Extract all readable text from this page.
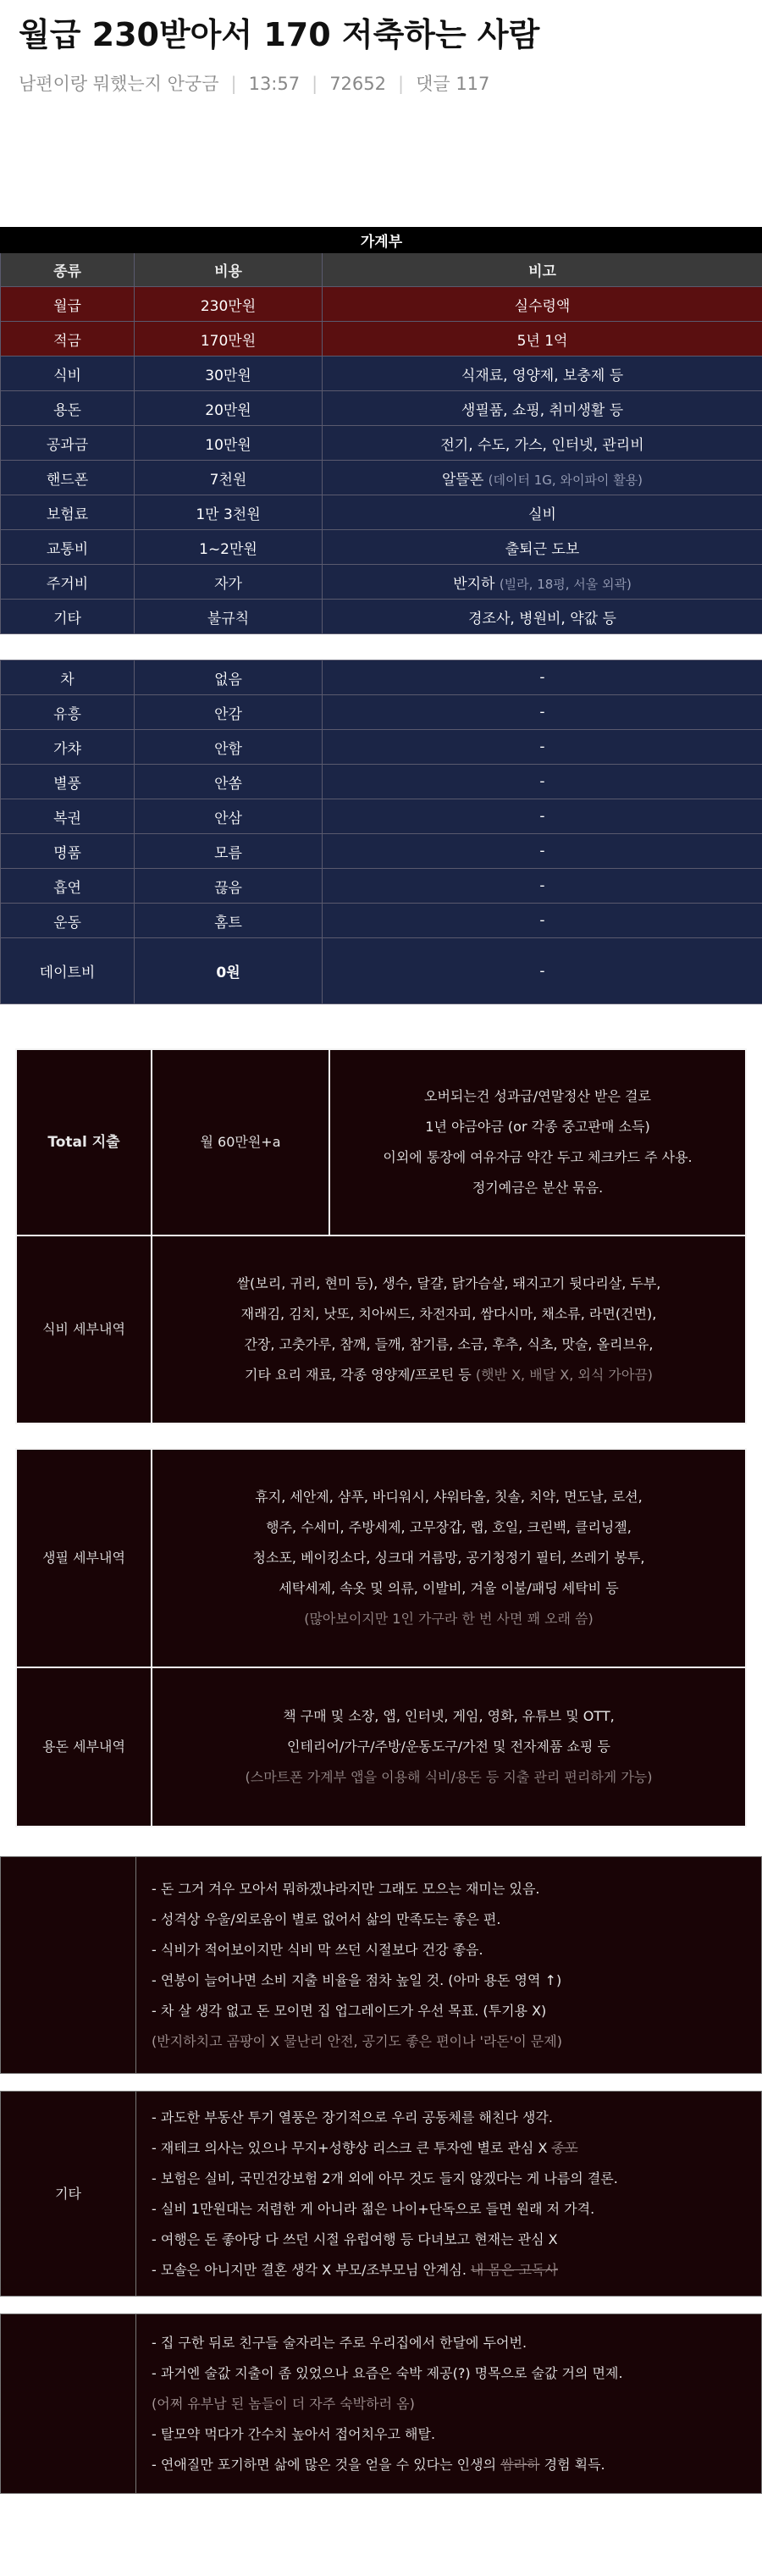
월급 230받아서 170 저축하는 사람
남편이랑 뭐했는지 안궁금 | 13:57 | 72652 | 댓글 117
가계부		
종류	비용	비고
월급	230만원	실수령액
적금	170만원	5년 1억
식비	30만원	식재료, 영양제, 보충제 등
용돈	20만원	생필품, 쇼핑, 취미생활 등
공과금	10만원	전기, 수도, 가스, 인터넷, 관리비
핸드폰	7천원	알뜰폰 (데이터 1G, 와이파이 활용)
보험료	1만 3천원	실비
교통비	1~2만원	출퇴근 도보
주거비	자가	반지하 (빌라, 18평, 서울 외곽)
기타	불규칙	경조사, 병원비, 약값 등
차	없음	-
유흥	안감	-
가챠	안함	-
별풍	안쏨	-
복권	안삼	-
명품	모름	-
흡연	끊음	-
운동	홈트	-
데이트비	0원	-
Total 지출	월 60만원+a	오버되는건 성과급/연말정산 받은 걸로
1년 야금야금 (or 각종 중고판매 소득)
이외에 통장에 여유자금 약간 두고 체크카드 주 사용.
정기예금은 분산 묶음.

식비 세부내역	쌀(보리, 귀리, 현미 등), 생수, 달걀, 닭가슴살, 돼지고기 뒷다리살, 두부,
재래김, 김치, 낫또, 치아씨드, 차전자피, 쌈다시마, 채소류, 라면(건면),
간장, 고춧가루, 참깨, 들깨, 참기름, 소금, 후추, 식초, 맛술, 올리브유,
기타 요리 재료, 각종 영양제/프로틴 등 (햇반 X, 배달 X, 외식 가아끔)	
생필 세부내역	휴지, 세안제, 샴푸, 바디워시, 샤워타올, 칫솔, 치약, 면도날, 로션,
행주, 수세미, 주방세제, 고무장갑, 랩, 호일, 크린백, 클리닝젤,
청소포, 베이킹소다, 싱크대 거름망, 공기청정기 필터, 쓰레기 봉투,
세탁세제, 속옷 및 의류, 이발비, 겨울 이불/패딩 세탁비 등
(많아보이지만 1인 가구라 한 번 사면 꽤 오래 씀)

용돈 세부내역	책 구매 및 소장, 앱, 인터넷, 게임, 영화, 유튜브 및 OTT,
인테리어/가구/주방/운동도구/가전 및 전자제품 쇼핑 등
(스마트폰 가계부 앱을 이용해 식비/용돈 등 지출 관리 편리하게 가능)

- 돈 그거 겨우 모아서 뭐하겠냐라지만 그래도 모으는 재미는 있음.
- 성격상 우울/외로움이 별로 없어서 삶의 만족도는 좋은 편.
- 식비가 적어보이지만 식비 막 쓰던 시절보다 건강 좋음.
- 연봉이 늘어나면 소비 지출 비율을 점차 높일 것. (아마 용돈 영역 ↑)
- 차 살 생각 없고 돈 모이면 집 업그레이드가 우선 목표. (투기용 X)
(반지하치고 곰팡이 X 물난리 안전, 공기도 좋은 편이나 '라돈'이 문제)
기타	
- 과도한 부동산 투기 열풍은 장기적으로 우리 공동체를 해친다 생각.
- 재테크 의사는 있으나 무지+성향상 리스크 큰 투자엔 별로 관심 X 종포
- 보험은 실비, 국민건강보험 2개 외에 아무 것도 들지 않겠다는 게 나름의 결론.
- 실비 1만원대는 저렴한 게 아니라 젊은 나이+단독으로 들면 원래 저 가격.
- 여행은 돈 좋아당 다 쓰던 시절 유럽여행 등 다녀보고 현재는 관심 X
- 모솔은 아니지만 결혼 생각 X 부모/조부모님 안계심. 내 몸은 고독사

- 집 구한 뒤로 친구들 술자리는 주로 우리집에서 한달에 두어번.
- 과거엔 술값 지출이 좀 있었으나 요즘은 숙박 제공(?) 명목으로 술값 거의 면제.
(어쩌 유부남 된 놈들이 더 자주 숙박하러 옴)
- 탈모약 먹다가 간수치 높아서 접어치우고 해탈.
- 연애질만 포기하면 삶에 많은 것을 얻을 수 있다는 인생의 쌈라하 경험 획득.
